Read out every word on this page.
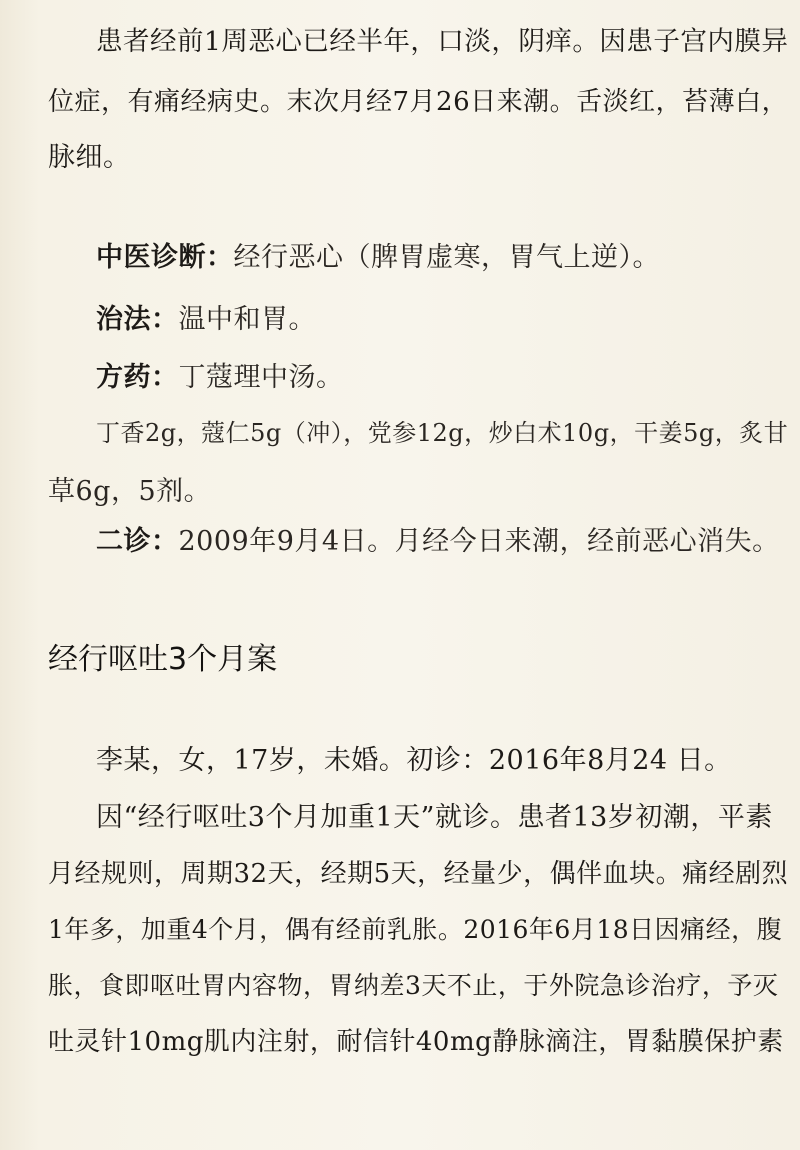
患者经前1周恶心已经半年，口淡，阴痒。因患子宫内膜异
位症，有痛经病史。末次月经7月26日来潮。舌淡红，苔薄白，
脉细。
中医诊断：经行恶心（脾胃虚寒，胃气上逆）。
治法：温中和胃。
方药：丁蔻理中汤。
丁香2g，蔻仁5g（冲），党参12g，炒白术10g，干姜5g，炙甘
草6g，5剂。
二诊：2009年9月4日。月经今日来潮，经前恶心消失。
经行呕吐3个月案
李某，女，17岁，未婚。初诊：2016年8月24 日。
因“经行呕吐3个月加重1天”就诊。患者13岁初潮，平素
月经规则，周期32天，经期5天，经量少，偶伴血块。痛经剧烈
1年多，加重4个月，偶有经前乳胀。2016年6月18日因痛经，腹
胀，食即呕吐胃内容物，胃纳差3天不止，于外院急诊治疗，予灭
吐灵针10mg肌内注射，耐信针40mg静脉滴注，胃黏膜保护素
